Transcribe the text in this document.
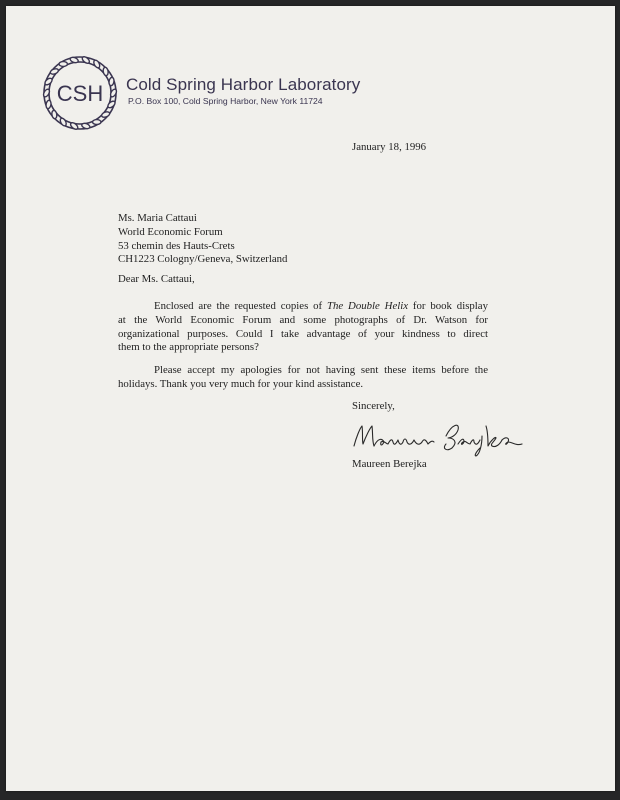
CSH Cold Spring Harbor Laboratory
P.O. Box 100, Cold Spring Harbor, New York 11724
January 18, 1996
Ms. Maria Cattaui
World Economic Forum
53 chemin des Hauts-Crets
CH1223 Cologny/Geneva, Switzerland
Dear Ms. Cattaui,
Enclosed are the requested copies of The Double Helix for book display
at the World Economic Forum and some photographs of Dr. Watson for
organizational purposes. Could I take advantage of your kindness to direct
them to the appropriate persons?
Please accept my apologies for not having sent these items before the
holidays. Thank you very much for your kind assistance.
Sincerely,
Maureen Berejka
